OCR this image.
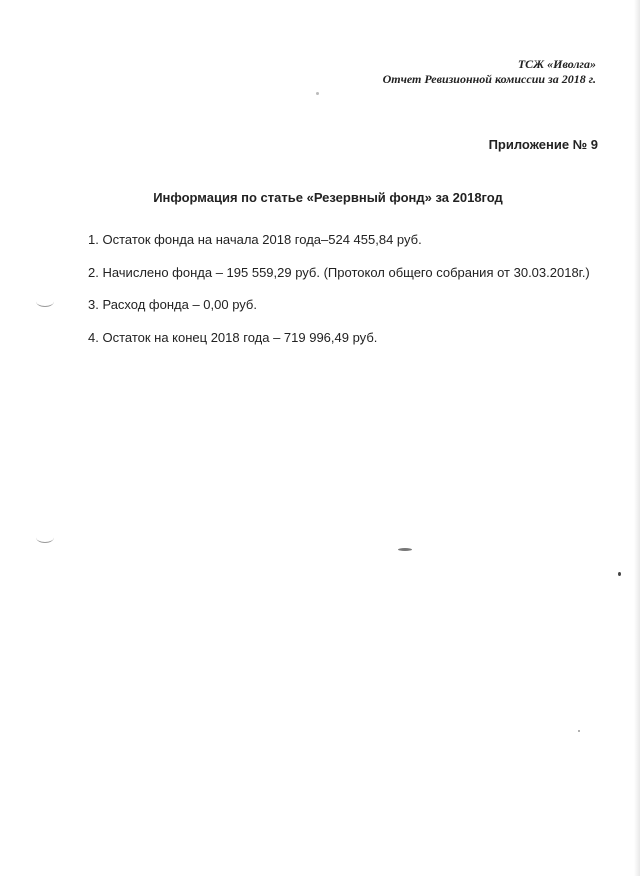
ТСЖ «Иволга»
Отчет Ревизионной комиссии за 2018 г.
Приложение № 9
Информация по статье «Резервный фонд» за 2018год
1. Остаток фонда на начала 2018 года–524 455,84 руб.
2. Начислено фонда – 195 559,29 руб. (Протокол общего собрания от 30.03.2018г.)
3. Расход фонда – 0,00 руб.
4. Остаток на конец 2018 года – 719 996,49 руб.
